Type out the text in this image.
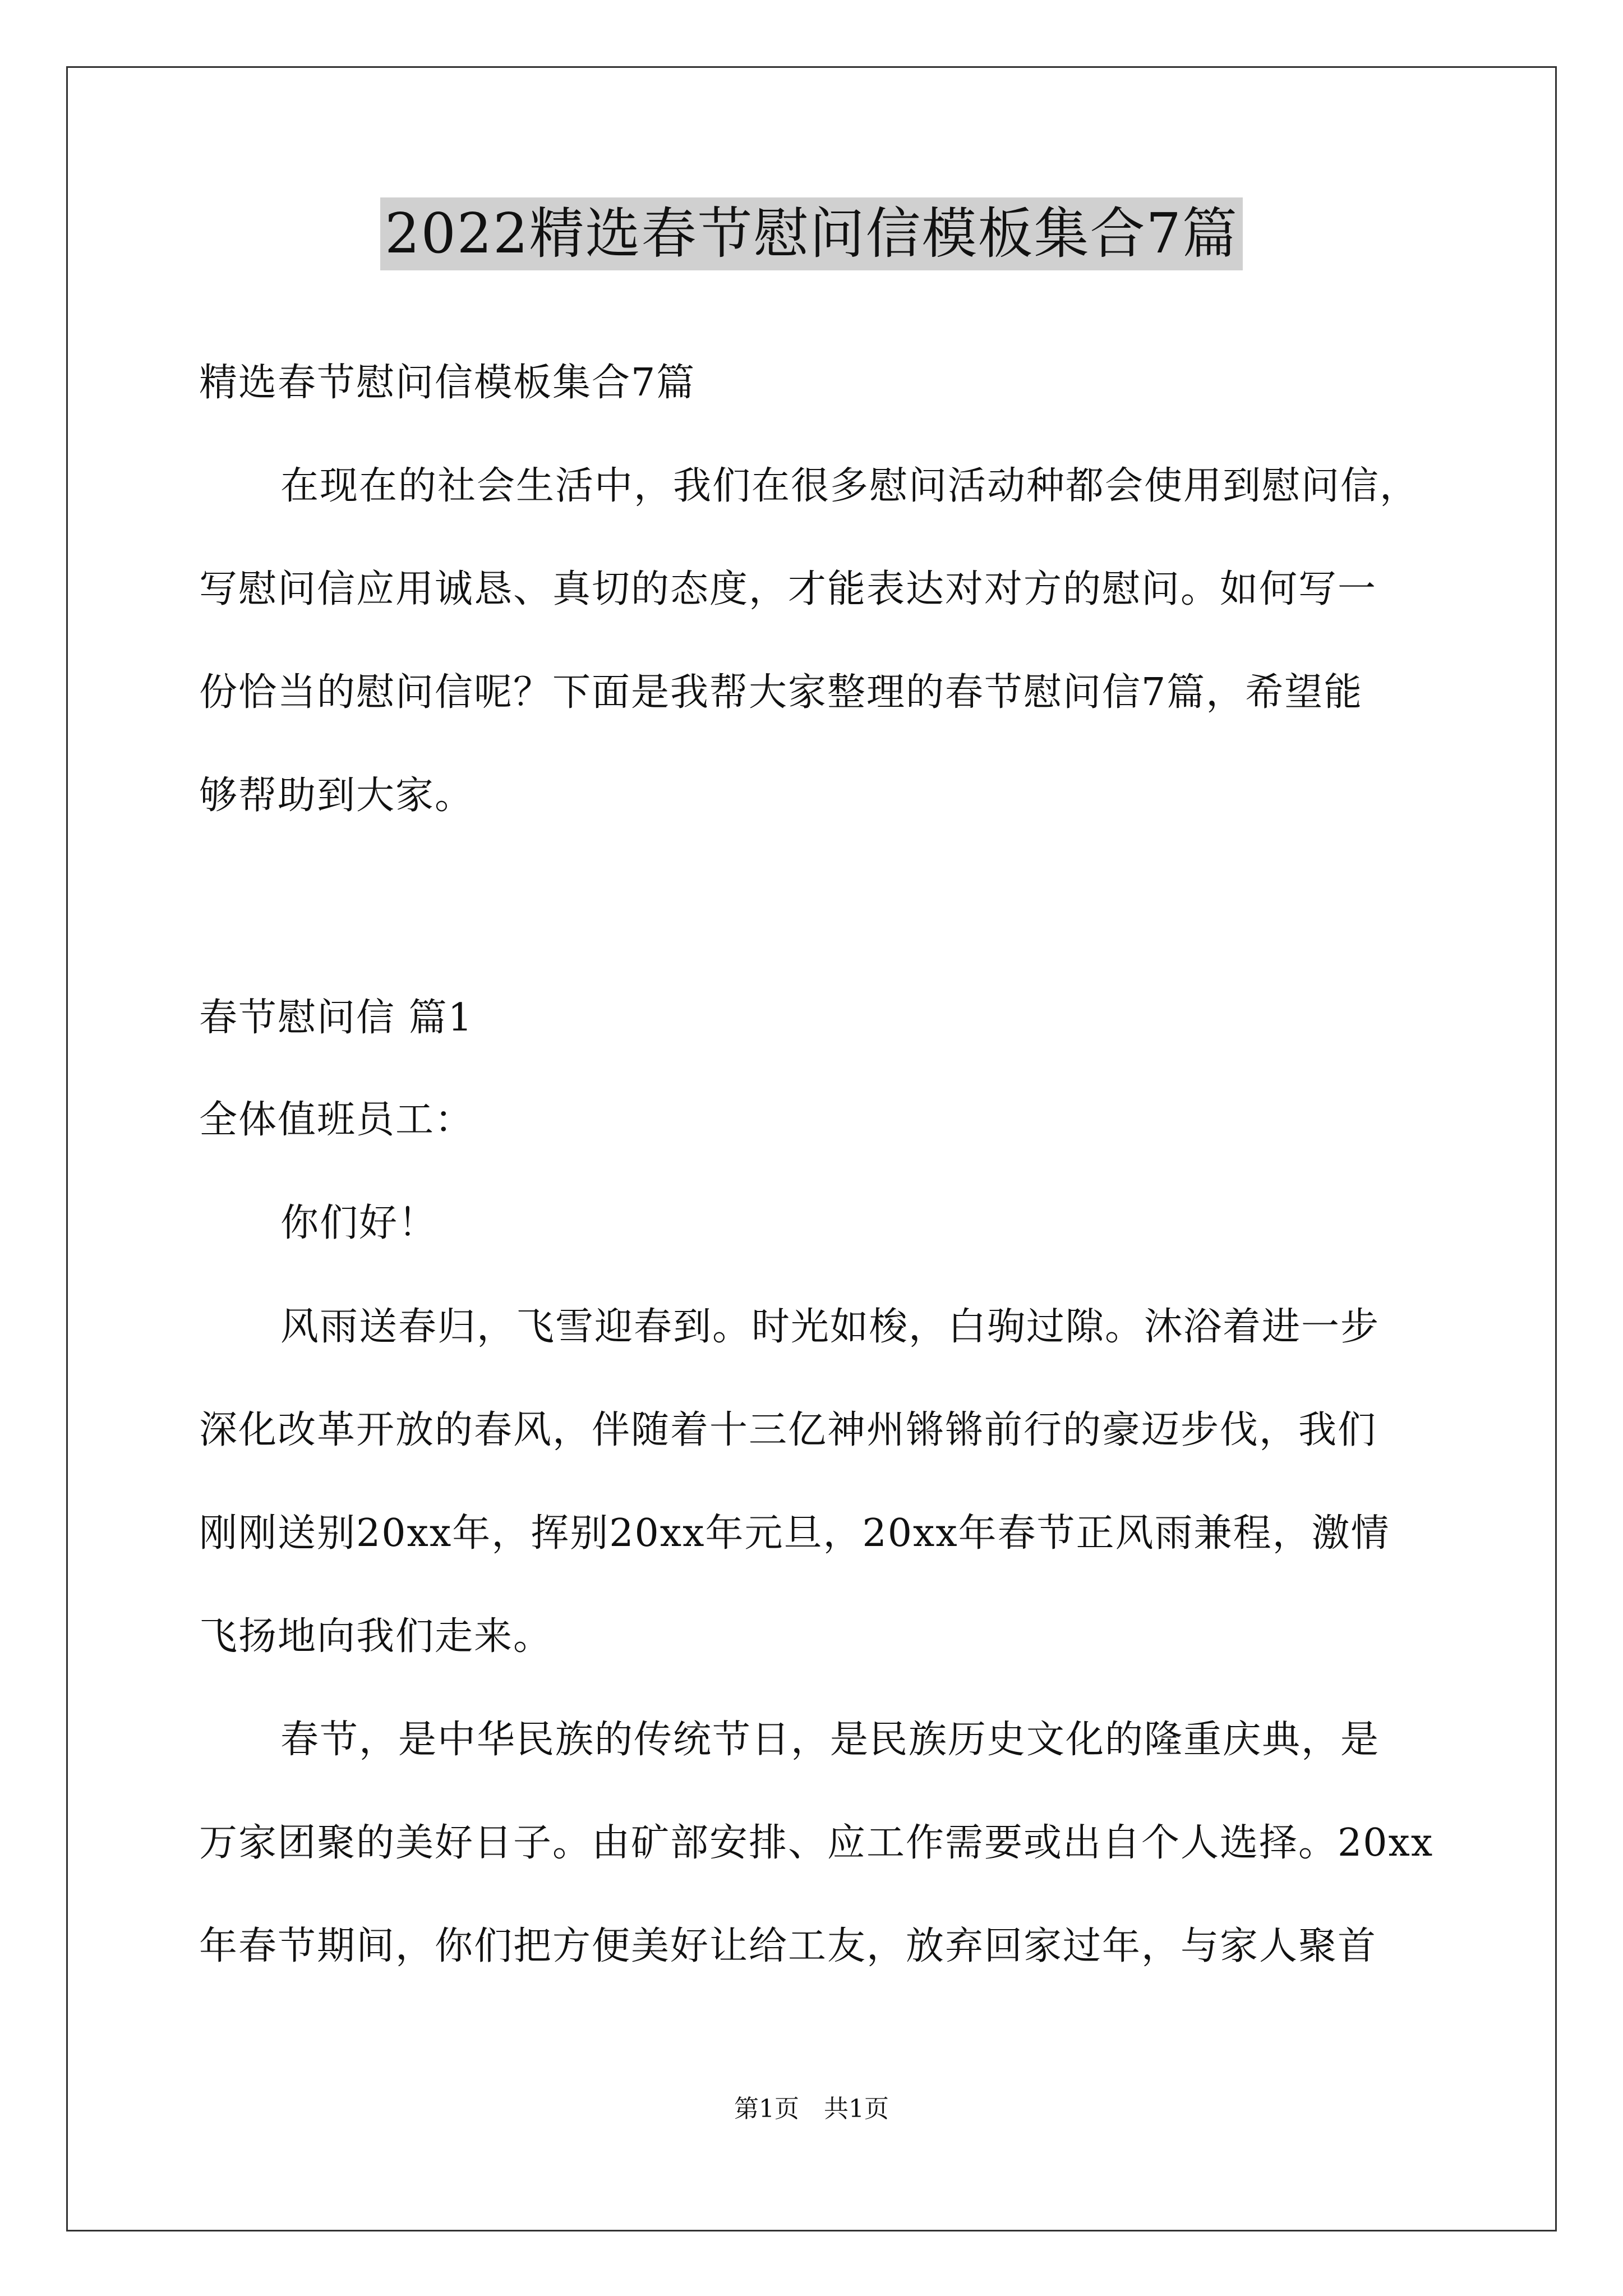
2022精选春节慰问信模板集合7篇
精选春节慰问信模板集合7篇
在现在的社会生活中，我们在很多慰问活动种都会使用到慰问信，
写慰问信应用诚恳、真切的态度，才能表达对对方的慰问。如何写一
份恰当的慰问信呢？下面是我帮大家整理的春节慰问信7篇，希望能
够帮助到大家。
春节慰问信 篇1
全体值班员工：
你们好！
风雨送春归，飞雪迎春到。时光如梭，白驹过隙。沐浴着进一步
深化改革开放的春风，伴随着十三亿神州锵锵前行的豪迈步伐，我们
刚刚送别20xx年，挥别20xx年元旦，20xx年春节正风雨兼程，激情
飞扬地向我们走来。
春节，是中华民族的传统节日，是民族历史文化的隆重庆典，是
万家团聚的美好日子。由矿部安排、应工作需要或出自个人选择。20xx
年春节期间，你们把方便美好让给工友，放弃回家过年，与家人聚首
第1页　共1页
